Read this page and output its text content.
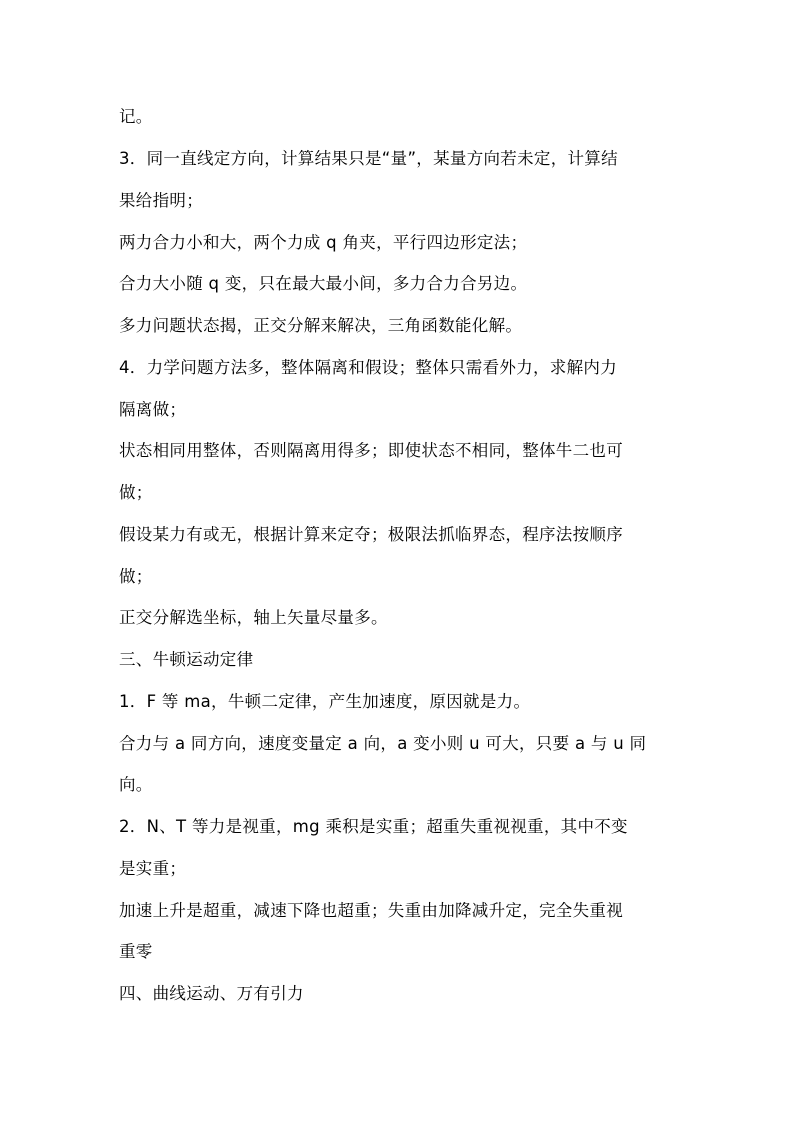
记。
3．同一直线定方向，计算结果只是“量”，某量方向若未定，计算结
果给指明；
两力合力小和大，两个力成 q 角夹，平行四边形定法；
合力大小随 q 变，只在最大最小间，多力合力合另边。
多力问题状态揭，正交分解来解决，三角函数能化解。
4．力学问题方法多，整体隔离和假设；整体只需看外力，求解内力
隔离做；
状态相同用整体，否则隔离用得多；即使状态不相同，整体牛二也可
做；
假设某力有或无，根据计算来定夺；极限法抓临界态，程序法按顺序
做；
正交分解选坐标，轴上矢量尽量多。
三、牛顿运动定律
1．F 等 ma，牛顿二定律，产生加速度，原因就是力。
合力与 a 同方向，速度变量定 a 向，a 变小则 u 可大，只要 a 与 u 同
向。
2．N、T 等力是视重，mg 乘积是实重；超重失重视视重，其中不变
是实重；
加速上升是超重，减速下降也超重；失重由加降减升定，完全失重视
重零
四、曲线运动、万有引力
